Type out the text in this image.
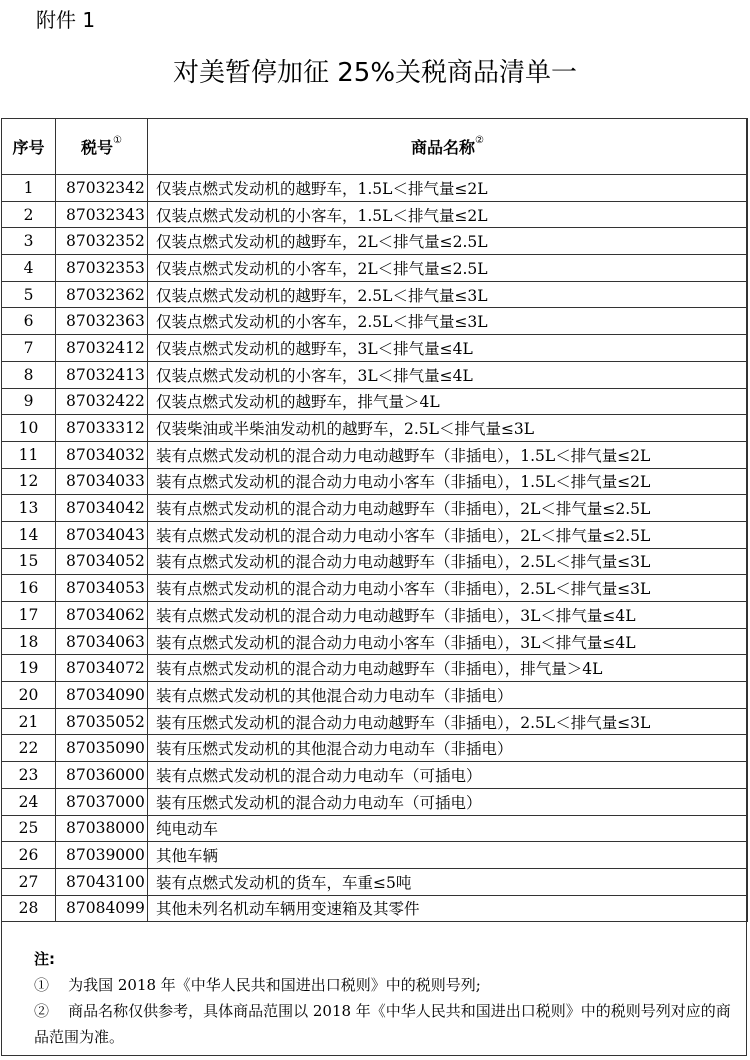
附件 1
对美暂停加征 25%关税商品清单一
序号	税号①	商品名称②
1	87032342	仅装点燃式发动机的越野车，1.5L＜排气量≤2L
2	87032343	仅装点燃式发动机的小客车，1.5L＜排气量≤2L
3	87032352	仅装点燃式发动机的越野车，2L＜排气量≤2.5L
4	87032353	仅装点燃式发动机的小客车，2L＜排气量≤2.5L
5	87032362	仅装点燃式发动机的越野车，2.5L＜排气量≤3L
6	87032363	仅装点燃式发动机的小客车，2.5L＜排气量≤3L
7	87032412	仅装点燃式发动机的越野车，3L＜排气量≤4L
8	87032413	仅装点燃式发动机的小客车，3L＜排气量≤4L
9	87032422	仅装点燃式发动机的越野车，排气量＞4L
10	87033312	仅装柴油或半柴油发动机的越野车，2.5L＜排气量≤3L
11	87034032	装有点燃式发动机的混合动力电动越野车（非插电），1.5L＜排气量≤2L
12	87034033	装有点燃式发动机的混合动力电动小客车（非插电），1.5L＜排气量≤2L
13	87034042	装有点燃式发动机的混合动力电动越野车（非插电），2L＜排气量≤2.5L
14	87034043	装有点燃式发动机的混合动力电动小客车（非插电），2L＜排气量≤2.5L
15	87034052	装有点燃式发动机的混合动力电动越野车（非插电），2.5L＜排气量≤3L
16	87034053	装有点燃式发动机的混合动力电动小客车（非插电），2.5L＜排气量≤3L
17	87034062	装有点燃式发动机的混合动力电动越野车（非插电），3L＜排气量≤4L
18	87034063	装有点燃式发动机的混合动力电动小客车（非插电），3L＜排气量≤4L
19	87034072	装有点燃式发动机的混合动力电动越野车（非插电），排气量＞4L
20	87034090	装有点燃式发动机的其他混合动力电动车（非插电）
21	87035052	装有压燃式发动机的混合动力电动越野车（非插电），2.5L＜排气量≤3L
22	87035090	装有压燃式发动机的其他混合动力电动车（非插电）
23	87036000	装有点燃式发动机的混合动力电动车（可插电）
24	87037000	装有压燃式发动机的混合动力电动车（可插电）
25	87038000	纯电动车
26	87039000	其他车辆
27	87043100	装有点燃式发动机的货车，车重≤5吨
28	87084099	其他未列名机动车辆用变速箱及其零件
注:
① 为我国 2018 年《中华人民共和国进出口税则》中的税则号列;
② 商品名称仅供参考，具体商品范围以 2018 年《中华人民共和国进出口税则》中的税则号列对应的商品范围为准。
